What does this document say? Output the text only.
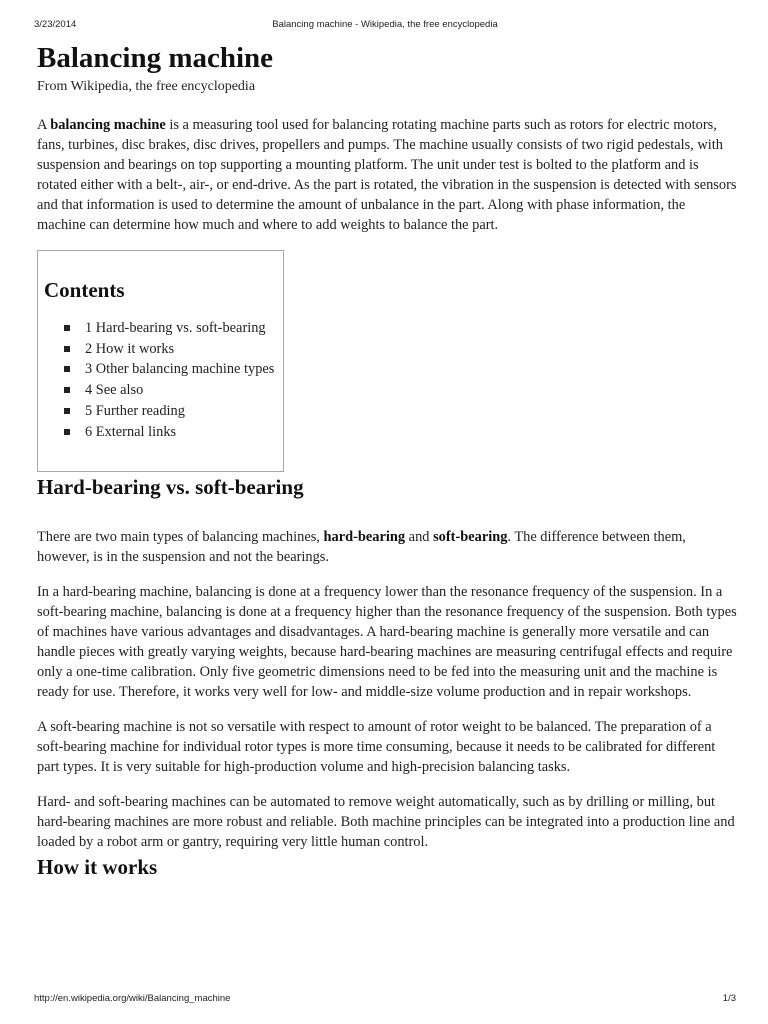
3/23/2014	Balancing machine - Wikipedia, the free encyclopedia
Balancing machine
From Wikipedia, the free encyclopedia

A balancing machine is a measuring tool used for balancing rotating machine parts such as rotors for electric motors, fans, turbines, disc brakes, disc drives, propellers and pumps. The machine usually consists of two rigid pedestals, with suspension and bearings on top supporting a mounting platform. The unit under test is bolted to the platform and is rotated either with a belt-, air-, or end-drive. As the part is rotated, the vibration in the suspension is detected with sensors and that information is used to determine the amount of unbalance in the part. Along with phase information, the machine can determine how much and where to add weights to balance the part.

Contents
1 Hard-bearing vs. soft-bearing
2 How it works
3 Other balancing machine types
4 See also
5 Further reading
6 External links
Hard-bearing vs. soft-bearing

There are two main types of balancing machines, hard-bearing and soft-bearing. The difference between them, however, is in the suspension and not the bearings.

In a hard-bearing machine, balancing is done at a frequency lower than the resonance frequency of the suspension. In a soft-bearing machine, balancing is done at a frequency higher than the resonance frequency of the suspension. Both types of machines have various advantages and disadvantages. A hard-bearing machine is generally more versatile and can handle pieces with greatly varying weights, because hard-bearing machines are measuring centrifugal effects and require only a one-time calibration. Only five geometric dimensions need to be fed into the measuring unit and the machine is ready for use. Therefore, it works very well for low- and middle-size volume production and in repair workshops.

A soft-bearing machine is not so versatile with respect to amount of rotor weight to be balanced. The preparation of a soft-bearing machine for individual rotor types is more time consuming, because it needs to be calibrated for different part types. It is very suitable for high-production volume and high-precision balancing tasks.

Hard- and soft-bearing machines can be automated to remove weight automatically, such as by drilling or milling, but hard-bearing machines are more robust and reliable. Both machine principles can be integrated into a production line and loaded by a robot arm or gantry, requiring very little human control.

How it works
http://en.wikipedia.org/wiki/Balancing_machine	1/3
